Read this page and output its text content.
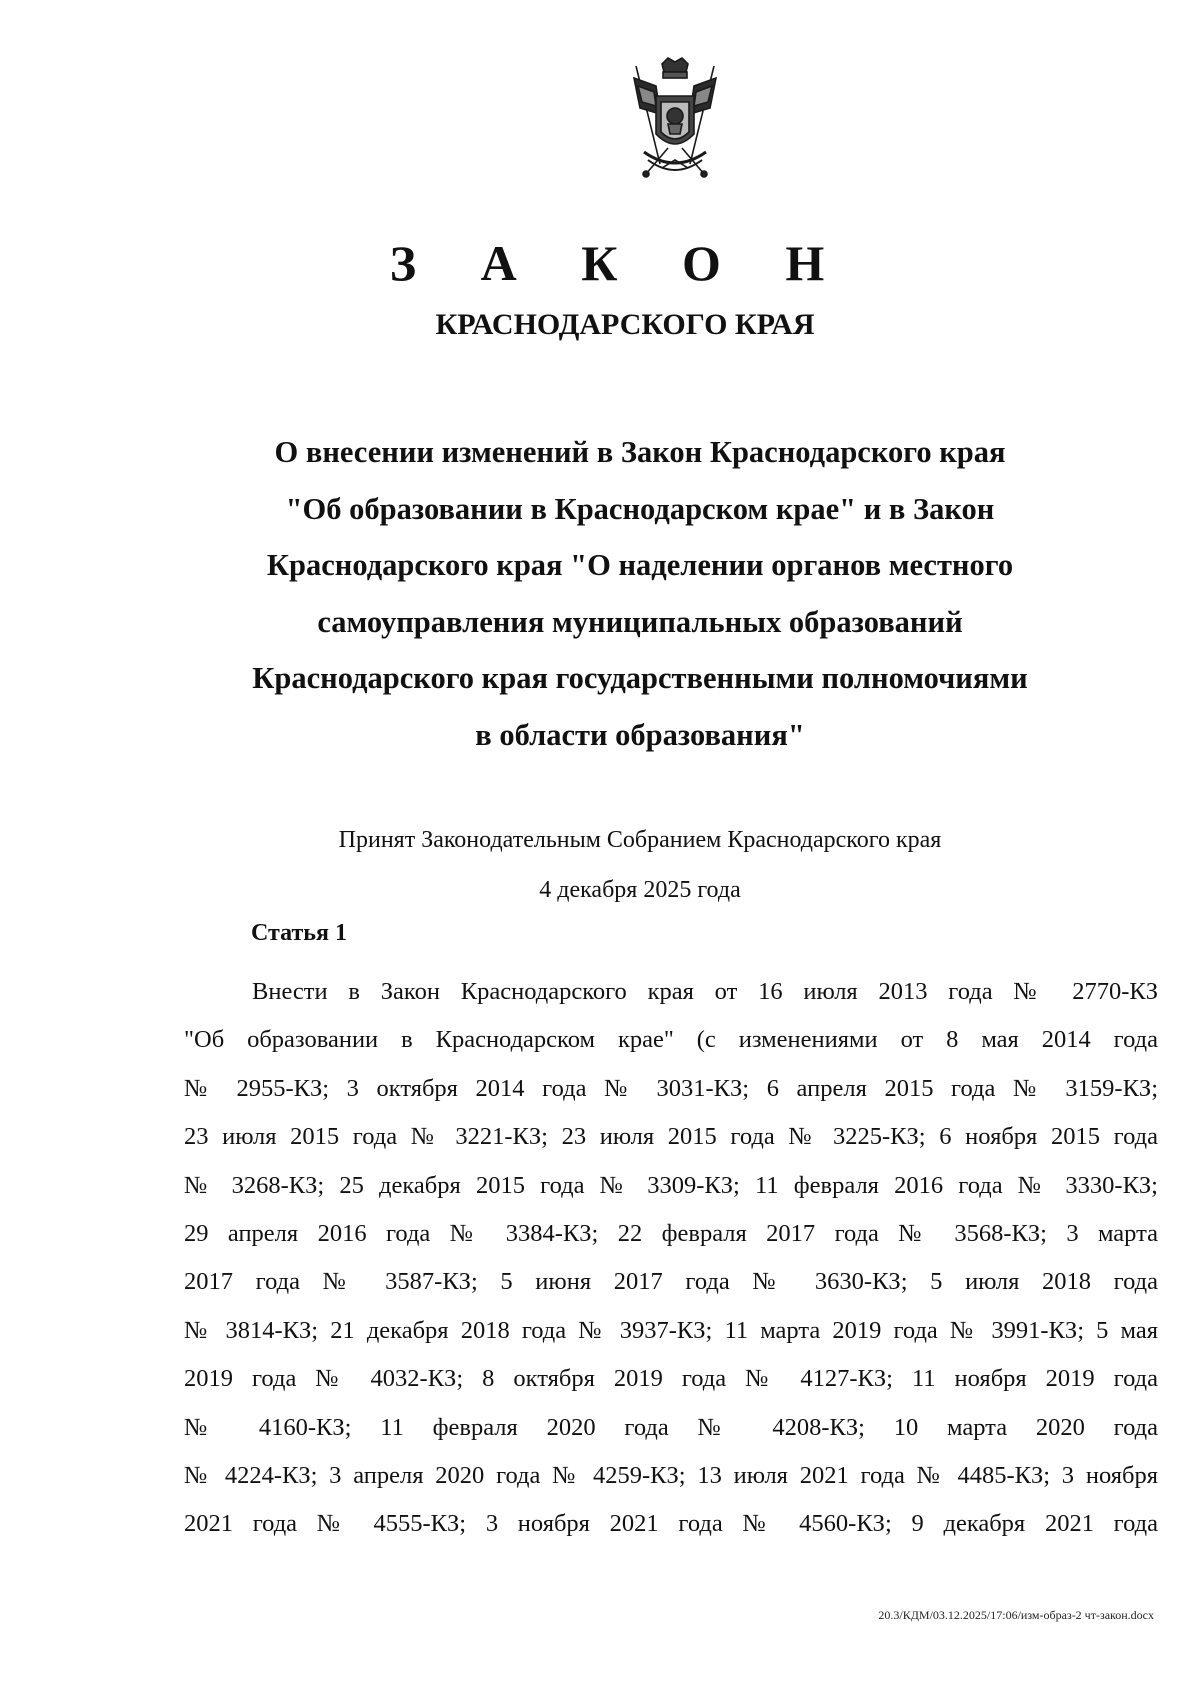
З А К О Н
КРАСНОДАРСКОГО КРАЯ
О внесении изменений в Закон Краснодарского края
"Об образовании в Краснодарском крае" и в Закон
Краснодарского края "О наделении органов местного
самоуправления муниципальных образований
Краснодарского края государственными полномочиями
в области образования"
Принят Законодательным Собранием Краснодарского края
4 декабря 2025 года
Статья 1
Внести в Закон Краснодарского края от 16 июля 2013 года № 2770-КЗ
"Об образовании в Краснодарском крае" (с изменениями от 8 мая 2014 года
№ 2955-КЗ; 3 октября 2014 года № 3031-КЗ; 6 апреля 2015 года № 3159-КЗ;
23 июля 2015 года № 3221-КЗ; 23 июля 2015 года № 3225-КЗ; 6 ноября 2015 года
№ 3268-КЗ; 25 декабря 2015 года № 3309-КЗ; 11 февраля 2016 года № 3330-КЗ;
29 апреля 2016 года № 3384-КЗ; 22 февраля 2017 года № 3568-КЗ; 3 марта
2017 года № 3587-КЗ; 5 июня 2017 года № 3630-КЗ; 5 июля 2018 года
№ 3814-КЗ; 21 декабря 2018 года № 3937-КЗ; 11 марта 2019 года № 3991-КЗ; 5 мая
2019 года № 4032-КЗ; 8 октября 2019 года № 4127-КЗ; 11 ноября 2019 года
№ 4160-КЗ; 11 февраля 2020 года № 4208-КЗ; 10 марта 2020 года
№ 4224-КЗ; 3 апреля 2020 года № 4259-КЗ; 13 июля 2021 года № 4485-КЗ; 3 ноября
2021 года № 4555-КЗ; 3 ноября 2021 года № 4560-КЗ; 9 декабря 2021 года
20.3/КДМ/03.12.2025/17:06/изм-образ-2 чт-закон.docx
